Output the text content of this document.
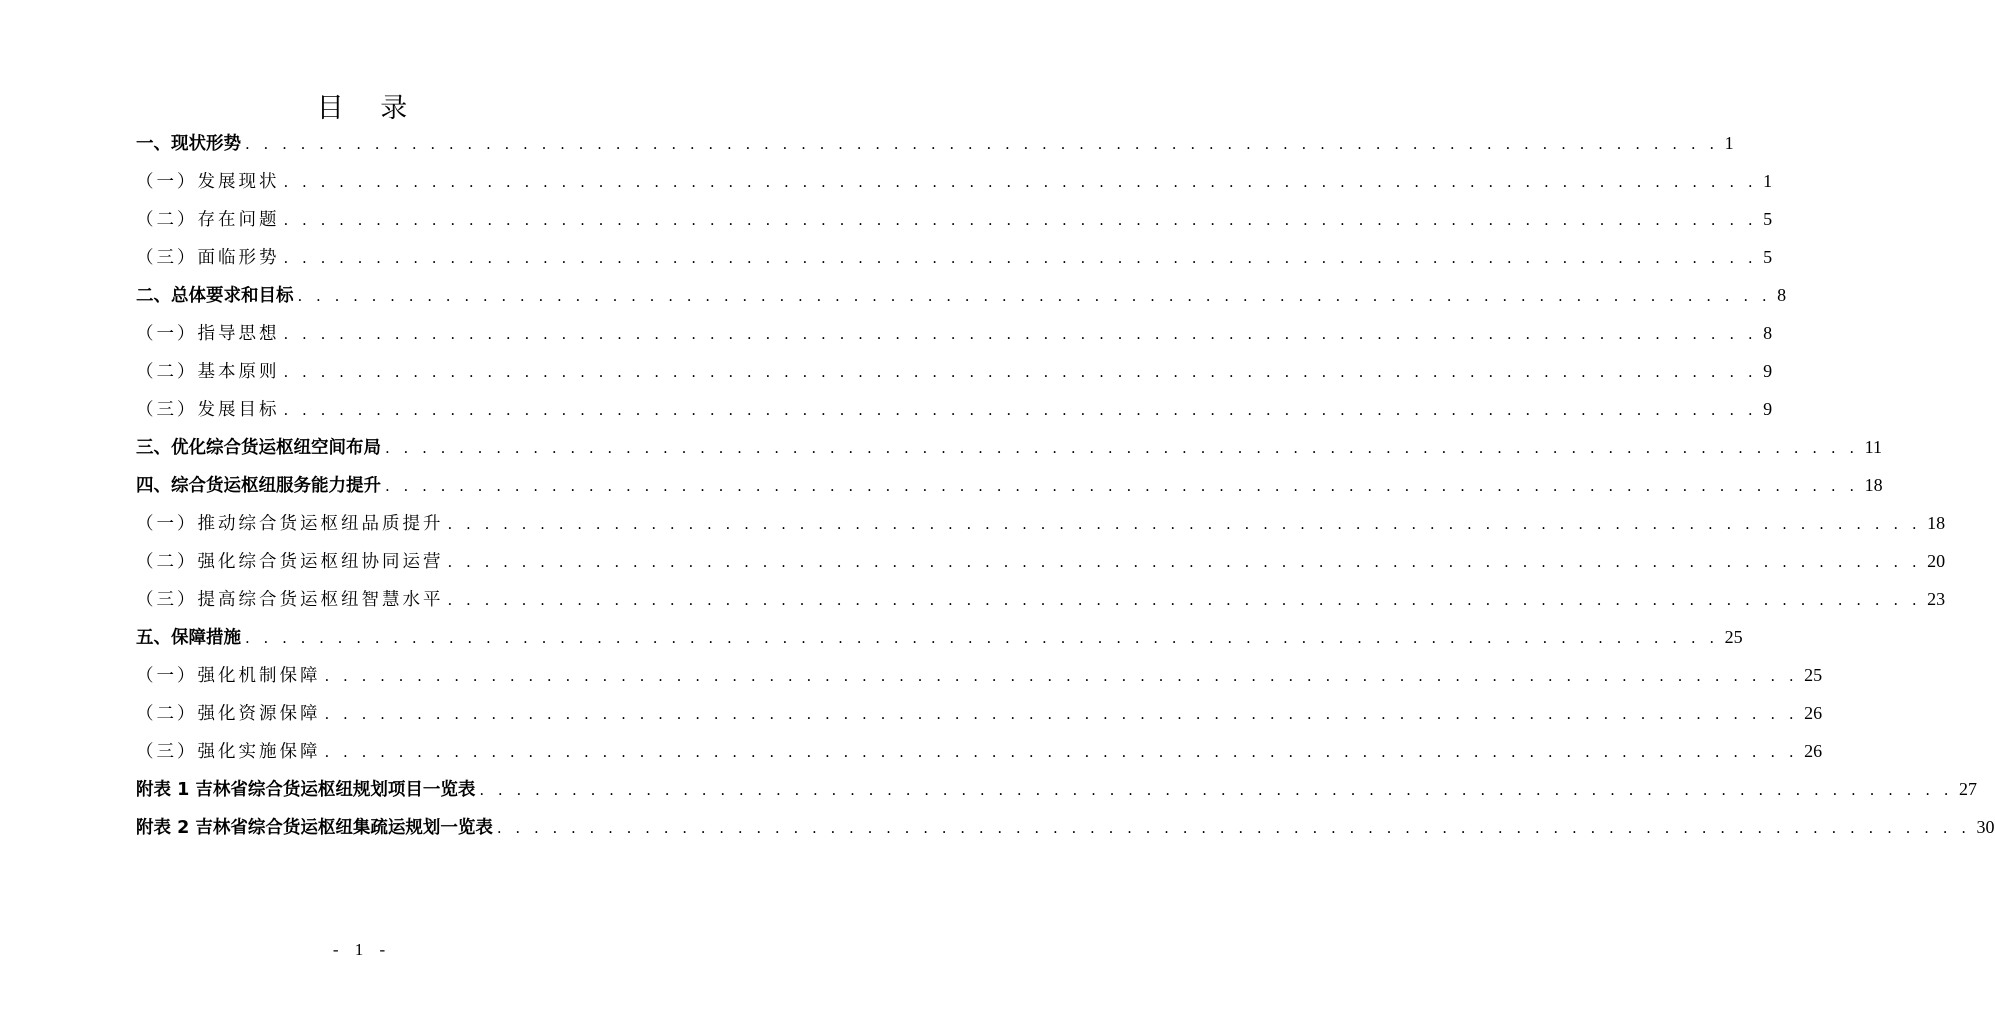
目 录
一、现状形势 . . . . . . . . . . . . . . . . . . . . . . . . . . . . . . . . . . . . . . . . . . . . . . . . . . . . . . . . . . . . . . . . . . . . . . . . . . . . . . . . 1
（一）发展现状 . . . . . . . . . . . . . . . . . . . . . . . . . . . . . . . . . . . . . . . . . . . . . . . . . . . . . . . . . . . . . . . . . . . . . . . . . . . . . . . . 1
（二）存在问题 . . . . . . . . . . . . . . . . . . . . . . . . . . . . . . . . . . . . . . . . . . . . . . . . . . . . . . . . . . . . . . . . . . . . . . . . . . . . . . . . 5
（三）面临形势 . . . . . . . . . . . . . . . . . . . . . . . . . . . . . . . . . . . . . . . . . . . . . . . . . . . . . . . . . . . . . . . . . . . . . . . . . . . . . . . . 5
二、总体要求和目标 . . . . . . . . . . . . . . . . . . . . . . . . . . . . . . . . . . . . . . . . . . . . . . . . . . . . . . . . . . . . . . . . . . . . . . . . . . . . . . . . 8
（一）指导思想 . . . . . . . . . . . . . . . . . . . . . . . . . . . . . . . . . . . . . . . . . . . . . . . . . . . . . . . . . . . . . . . . . . . . . . . . . . . . . . . . 8
（二）基本原则 . . . . . . . . . . . . . . . . . . . . . . . . . . . . . . . . . . . . . . . . . . . . . . . . . . . . . . . . . . . . . . . . . . . . . . . . . . . . . . . . 9
（三）发展目标 . . . . . . . . . . . . . . . . . . . . . . . . . . . . . . . . . . . . . . . . . . . . . . . . . . . . . . . . . . . . . . . . . . . . . . . . . . . . . . . . 9
三、优化综合货运枢纽空间布局 . . . . . . . . . . . . . . . . . . . . . . . . . . . . . . . . . . . . . . . . . . . . . . . . . . . . . . . . . . . . . . . . . . . . . . . . . . . . . . . . 11
四、综合货运枢纽服务能力提升 . . . . . . . . . . . . . . . . . . . . . . . . . . . . . . . . . . . . . . . . . . . . . . . . . . . . . . . . . . . . . . . . . . . . . . . . . . . . . . . . 18
（一）推动综合货运枢纽品质提升 . . . . . . . . . . . . . . . . . . . . . . . . . . . . . . . . . . . . . . . . . . . . . . . . . . . . . . . . . . . . . . . . . . . . . . . . . . . . . . . . 18
（二）强化综合货运枢纽协同运营 . . . . . . . . . . . . . . . . . . . . . . . . . . . . . . . . . . . . . . . . . . . . . . . . . . . . . . . . . . . . . . . . . . . . . . . . . . . . . . . . 20
（三）提高综合货运枢纽智慧水平 . . . . . . . . . . . . . . . . . . . . . . . . . . . . . . . . . . . . . . . . . . . . . . . . . . . . . . . . . . . . . . . . . . . . . . . . . . . . . . . . 23
五、保障措施 . . . . . . . . . . . . . . . . . . . . . . . . . . . . . . . . . . . . . . . . . . . . . . . . . . . . . . . . . . . . . . . . . . . . . . . . . . . . . . . . 25
（一）强化机制保障 . . . . . . . . . . . . . . . . . . . . . . . . . . . . . . . . . . . . . . . . . . . . . . . . . . . . . . . . . . . . . . . . . . . . . . . . . . . . . . . . 25
（二）强化资源保障 . . . . . . . . . . . . . . . . . . . . . . . . . . . . . . . . . . . . . . . . . . . . . . . . . . . . . . . . . . . . . . . . . . . . . . . . . . . . . . . . 26
（三）强化实施保障 . . . . . . . . . . . . . . . . . . . . . . . . . . . . . . . . . . . . . . . . . . . . . . . . . . . . . . . . . . . . . . . . . . . . . . . . . . . . . . . . 26
附表 1 吉林省综合货运枢纽规划项目一览表 . . . . . . . . . . . . . . . . . . . . . . . . . . . . . . . . . . . . . . . . . . . . . . . . . . . . . . . . . . . . . . . . . . . . . . . . . . . . . . . . 27
附表 2 吉林省综合货运枢纽集疏运规划一览表 . . . . . . . . . . . . . . . . . . . . . . . . . . . . . . . . . . . . . . . . . . . . . . . . . . . . . . . . . . . . . . . . . . . . . . . . . . . . . . . . 30
- 1 -
